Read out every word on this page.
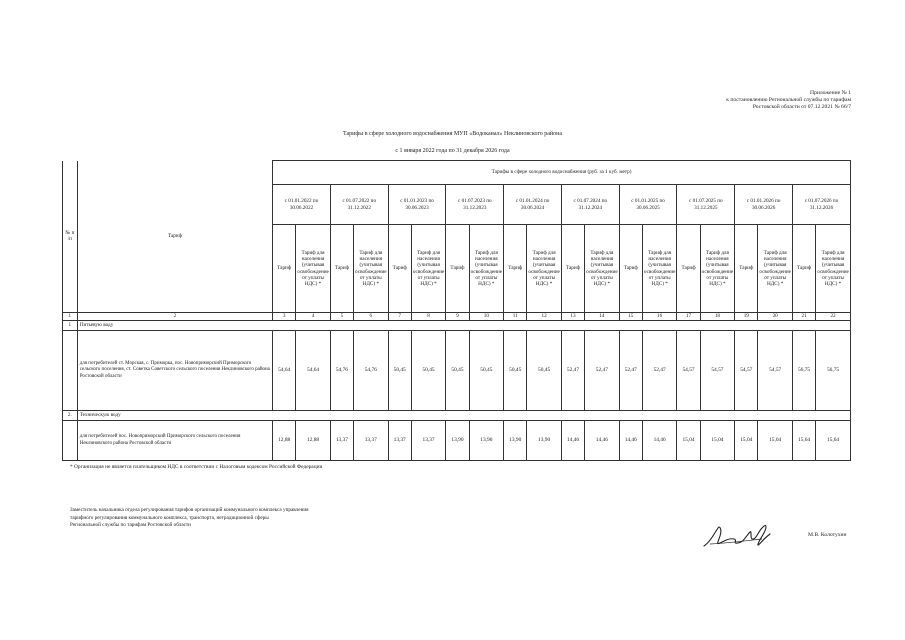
Приложение № 1
к постановлению Региональной службы по тарифам
Ростовской области от 07.12.2021 № 66/7
Тарифы в сфере холодного водоснабжения МУП «Водоканал» Неклиновского района
с 1 января 2022 года по 31 декабря 2026 года
№ п /п	Тариф	Тарифы в сфере холодного водоснабжения (руб. за 1 куб. метр)																			
		с 01.01.2022 по 30.06.2022		с 01.07.2022 по 31.12.2022		с 01.01.2023 по 30.06.2023		с 01.07.2023 по 31.12.2023		с 01.01.2024 по 30.06.2024		с 01.07.2024 по 31.12.2024		с 01.01.2025 по 30.06.2025		с 01.07.2025 по 31.12.2025		с 01.01.2026 по 30.06.2026		с 01.07.2026 по 31.12.2026	
		Тариф	Тариф для населения (учитывая освобождение от уплаты НДС) *	Тариф	Тариф для населения (учитывая освобождение от уплаты НДС) *	Тариф	Тариф для населения (учитывая освобождение от уплаты НДС) *	Тариф	Тариф для населения (учитывая освобождение от уплаты НДС) *	Тариф	Тариф для населения (учитывая освобождение от уплаты НДС) *	Тариф	Тариф для населения (учитывая освобождение от уплаты НДС) *	Тариф	Тариф для населения (учитывая освобождение от уплаты НДС) *	Тариф	Тариф для населения (учитывая освобождение от уплаты НДС) *	Тариф	Тариф для населения (учитывая освобождение от уплаты НДС) *	Тариф	Тариф для населения (учитывая освобождение от уплаты НДС) *
1	2	3	4	5	6	7	8	9	10	11	12	13	14	15	16	17	18	19	20	21	22
1	Питьевую воду																				
	для потребителей ст. Морская, с. Приморка, пос. Новоприморский Приморского сельского поселения, ст. Советка Советского сельского поселения Неклиновского района Ростовской области	54,64	54,64	54,76	54,76	50,45	50,45	50,45	50,45	50,45	50,45	52,47	52,47	52,47	52,47	54,57	54,57	54,57	54,57	56,75	56,75
2.	Техническую воду																				
	для потребителей пос. Новоприморский Приморского сельского поселения Неклиновского района Ростовской области	12,88	12,88	13,37	13,37	13,37	13,37	13,90	13,90	13,90	13,90	14,46	14,46	14,46	14,46	15,04	15,04	15,04	15,04	15,64	15,64
* Организация не является плательщиком НДС в соответствии с Налоговым кодексом Российской Федерации
Заместитель начальника отдела регулирования тарифов организаций коммунального комплекса управления
тарифного регулирования коммунального комплекса, транспорта, нетрадиционной сферы
Региональной службы по тарифам Ростовской области
М.В. Колотухин
